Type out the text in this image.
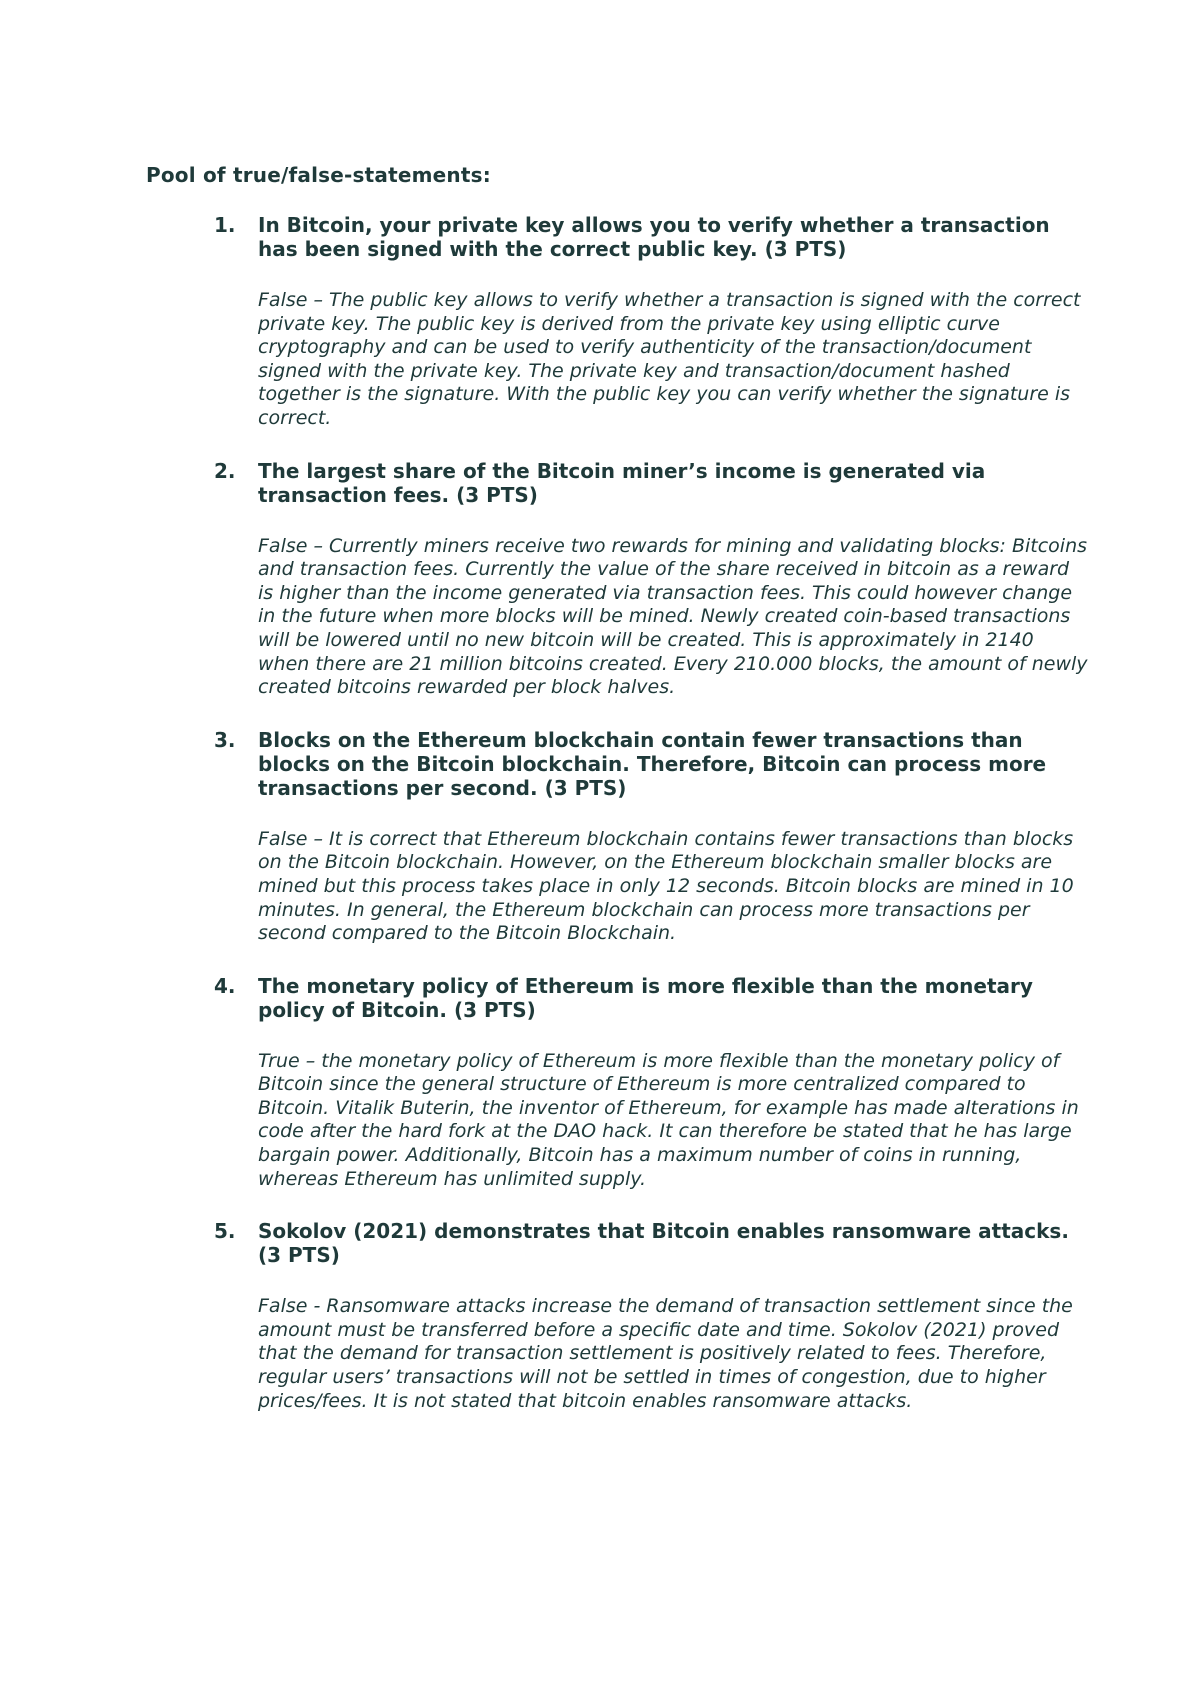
Pool of true/false-statements:
1. In Bitcoin, your private key allows you to verify whether a transaction has been signed with the correct public key. (3 PTS)

False – The public key allows to verify whether a transaction is signed with the correct private key. The public key is derived from the private key using elliptic curve cryptography and can be used to verify authenticity of the transaction/document signed with the private key. The private key and transaction/document hashed together is the signature. With the public key you can verify whether the signature is correct.

2. The largest share of the Bitcoin miner’s income is generated via transaction fees. (3 PTS)

False – Currently miners receive two rewards for mining and validating blocks: Bitcoins and transaction fees. Currently the value of the share received in bitcoin as a reward is higher than the income generated via transaction fees. This could however change in the future when more blocks will be mined. Newly created coin-based transactions will be lowered until no new bitcoin will be created. This is approximately in 2140 when there are 21 million bitcoins created. Every 210.000 blocks, the amount of newly created bitcoins rewarded per block halves.

3. Blocks on the Ethereum blockchain contain fewer transactions than blocks on the Bitcoin blockchain. Therefore, Bitcoin can process more transactions per second. (3 PTS)

False – It is correct that Ethereum blockchain contains fewer transactions than blocks on the Bitcoin blockchain. However, on the Ethereum blockchain smaller blocks are mined but this process takes place in only 12 seconds. Bitcoin blocks are mined in 10 minutes. In general, the Ethereum blockchain can process more transactions per second compared to the Bitcoin Blockchain.

4. The monetary policy of Ethereum is more flexible than the monetary policy of Bitcoin. (3 PTS)

True – the monetary policy of Ethereum is more flexible than the monetary policy of Bitcoin since the general structure of Ethereum is more centralized compared to Bitcoin. Vitalik Buterin, the inventor of Ethereum, for example has made alterations in code after the hard fork at the DAO hack. It can therefore be stated that he has large bargain power. Additionally, Bitcoin has a maximum number of coins in running, whereas Ethereum has unlimited supply.

5. Sokolov (2021) demonstrates that Bitcoin enables ransomware attacks. (3 PTS)

False - Ransomware attacks increase the demand of transaction settlement since the amount must be transferred before a specific date and time. Sokolov (2021) proved that the demand for transaction settlement is positively related to fees. Therefore, regular users’ transactions will not be settled in times of congestion, due to higher prices/fees. It is not stated that bitcoin enables ransomware attacks.
